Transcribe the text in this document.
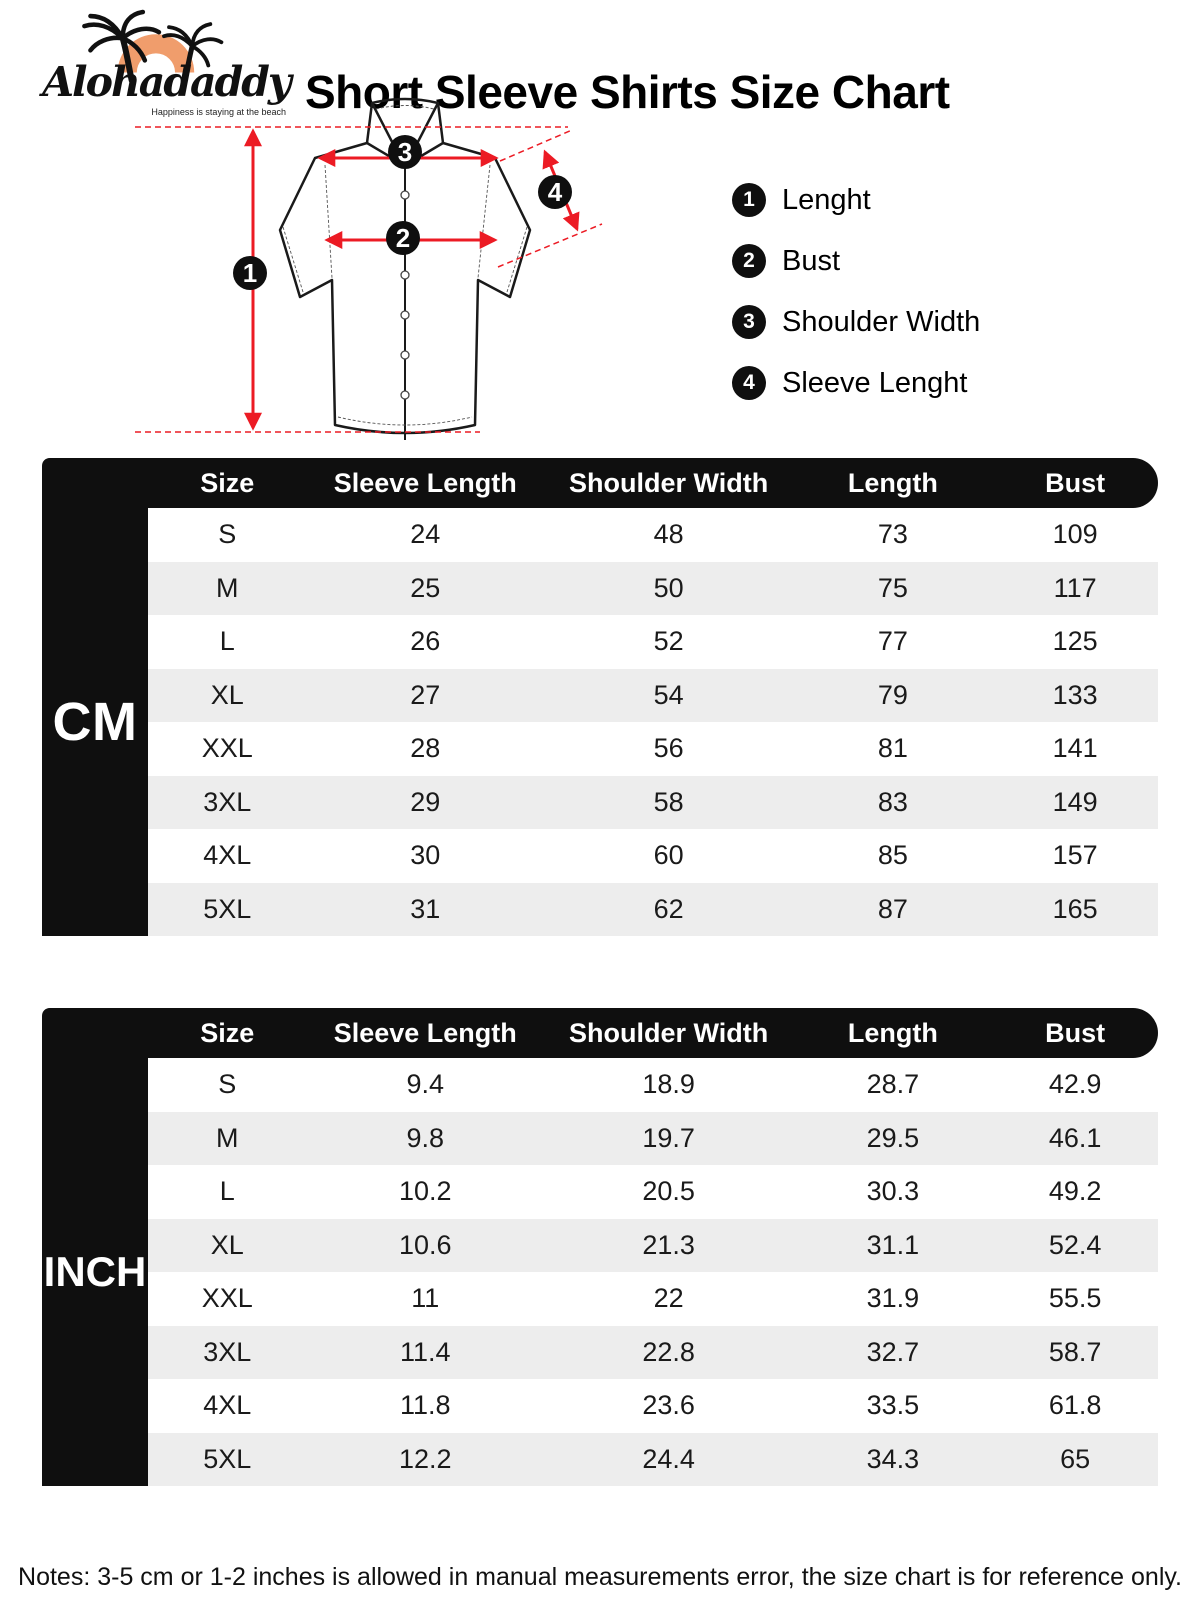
Alohadaddy
Happiness is staying at the beach Short Sleeve Shirts Size Chart
1
2
3
4	1 Lenght
2 Bust
3 Shoulder Width
4 Sleeve Lenght
Size	Sleeve Length	Shoulder Width	Length	Bust
CM
S	24	48	73	109
M	25	50	75	117
L	26	52	77	125
XL	27	54	79	133
XXL	28	56	81	141
3XL	29	58	83	149
4XL	30	60	85	157
5XL	31	62	87	165
Size	Sleeve Length	Shoulder Width	Length	Bust
INCH
S	9.4	18.9	28.7	42.9
M	9.8	19.7	29.5	46.1
L	10.2	20.5	30.3	49.2
XL	10.6	21.3	31.1	52.4
XXL	11	22	31.9	55.5
3XL	11.4	22.8	32.7	58.7
4XL	11.8	23.6	33.5	61.8
5XL	12.2	24.4	34.3	65

Notes: 3-5 cm or 1-2 inches is allowed in manual measurements error, the size chart is for reference only.
